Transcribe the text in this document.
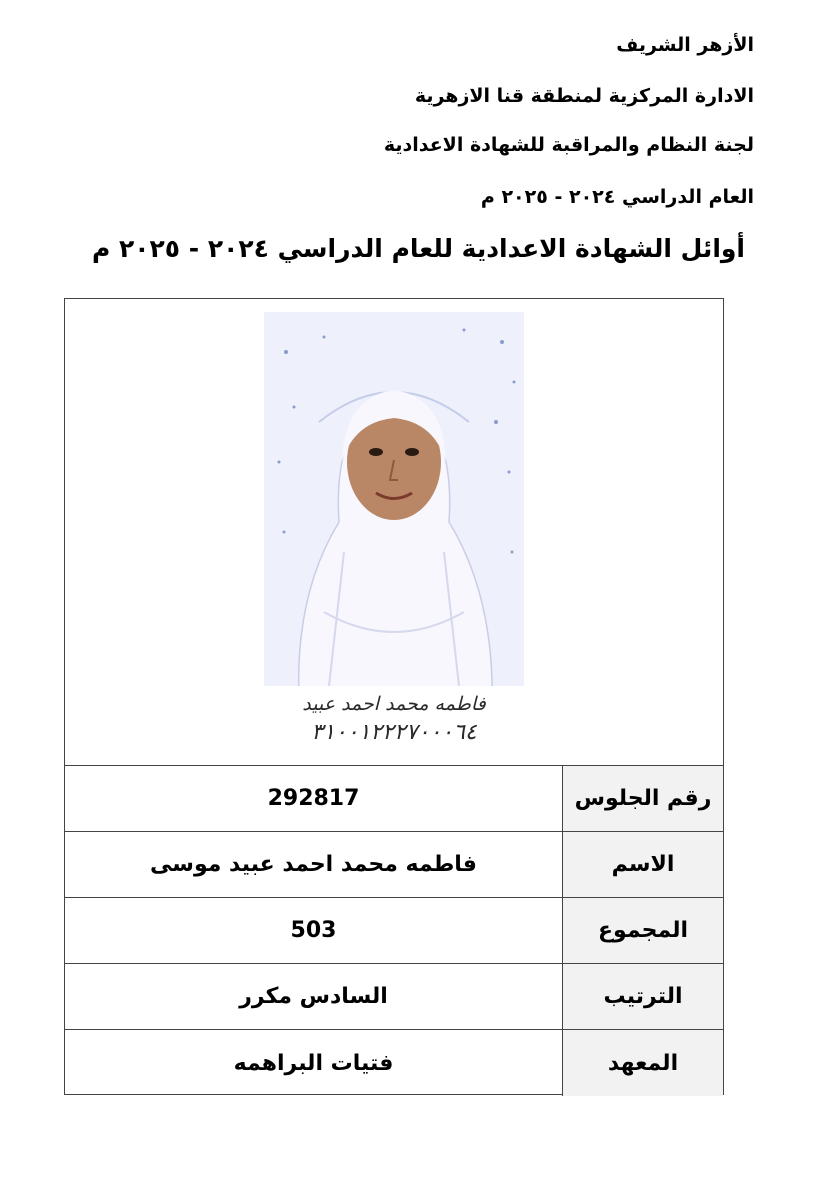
الأزهر الشريف
الادارة المركزية لمنطقة قنا الازهرية
لجنة النظام والمراقبة للشهادة الاعدادية
العام الدراسي ٢٠٢٤ - ٢٠٢٥ م
أوائل الشهادة الاعدادية للعام الدراسي ٢٠٢٤ - ٢٠٢٥ م
فاطمه محمد احمد عبيد
٣١٠٠١٢٢٢٧٠٠٠٦٤
292817	رقم الجلوس
فاطمه محمد احمد عبيد موسى	الاسم
503	المجموع
السادس مكرر	الترتيب
فتيات البراهمه	المعهد
